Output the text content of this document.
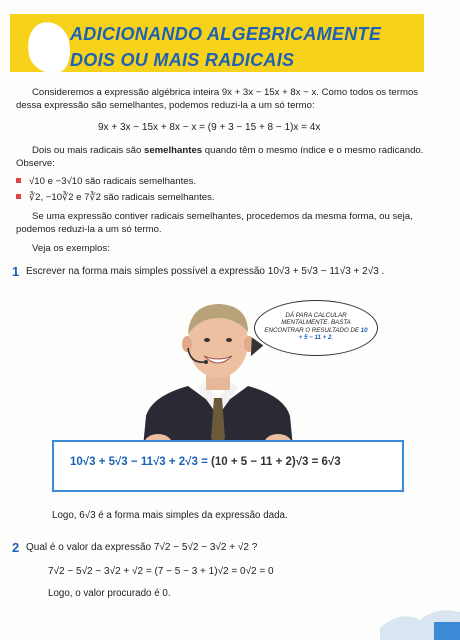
ADICIONANDO ALGEBRICAMENTE
DOIS OU MAIS RADICAIS
Consideremos a expressão algébrica inteira 9x + 3x − 15x + 8x − x. Como todos os termos dessa expressão são semelhantes, podemos reduzi-la a um só termo:
9x + 3x − 15x + 8x − x = (9 + 3 − 15 + 8 − 1)x = 4x
Dois ou mais radicais são semelhantes quando têm o mesmo índice e o mesmo radicando. Observe:
√10 e −3√10 são radicais semelhantes.
∛2, −10∛2 e 7∛2 são radicais semelhantes.
Se uma expressão contiver radicais semelhantes, procedemos da mesma forma, ou seja, podemos reduzi-la a um só termo.
Veja os exemplos:
1 Escrever na forma mais simples possível a expressão 10√3 + 5√3 − 11√3 + 2√3 .
DÁ PARA CALCULAR MENTALMENTE. BASTA ENCONTRAR O RESULTADO DE 10 + 5 − 11 + 2.
10√3 + 5√3 − 11√3 + 2√3 = (10 + 5 − 11 + 2)√3 = 6√3
Logo, 6√3 é a forma mais simples da expressão dada.
2 Qual é o valor da expressão 7√2 − 5√2 − 3√2 + √2 ?
7√2 − 5√2 − 3√2 + √2 = (7 − 5 − 3 + 1)√2 = 0√2 = 0
Logo, o valor procurado é 0.
